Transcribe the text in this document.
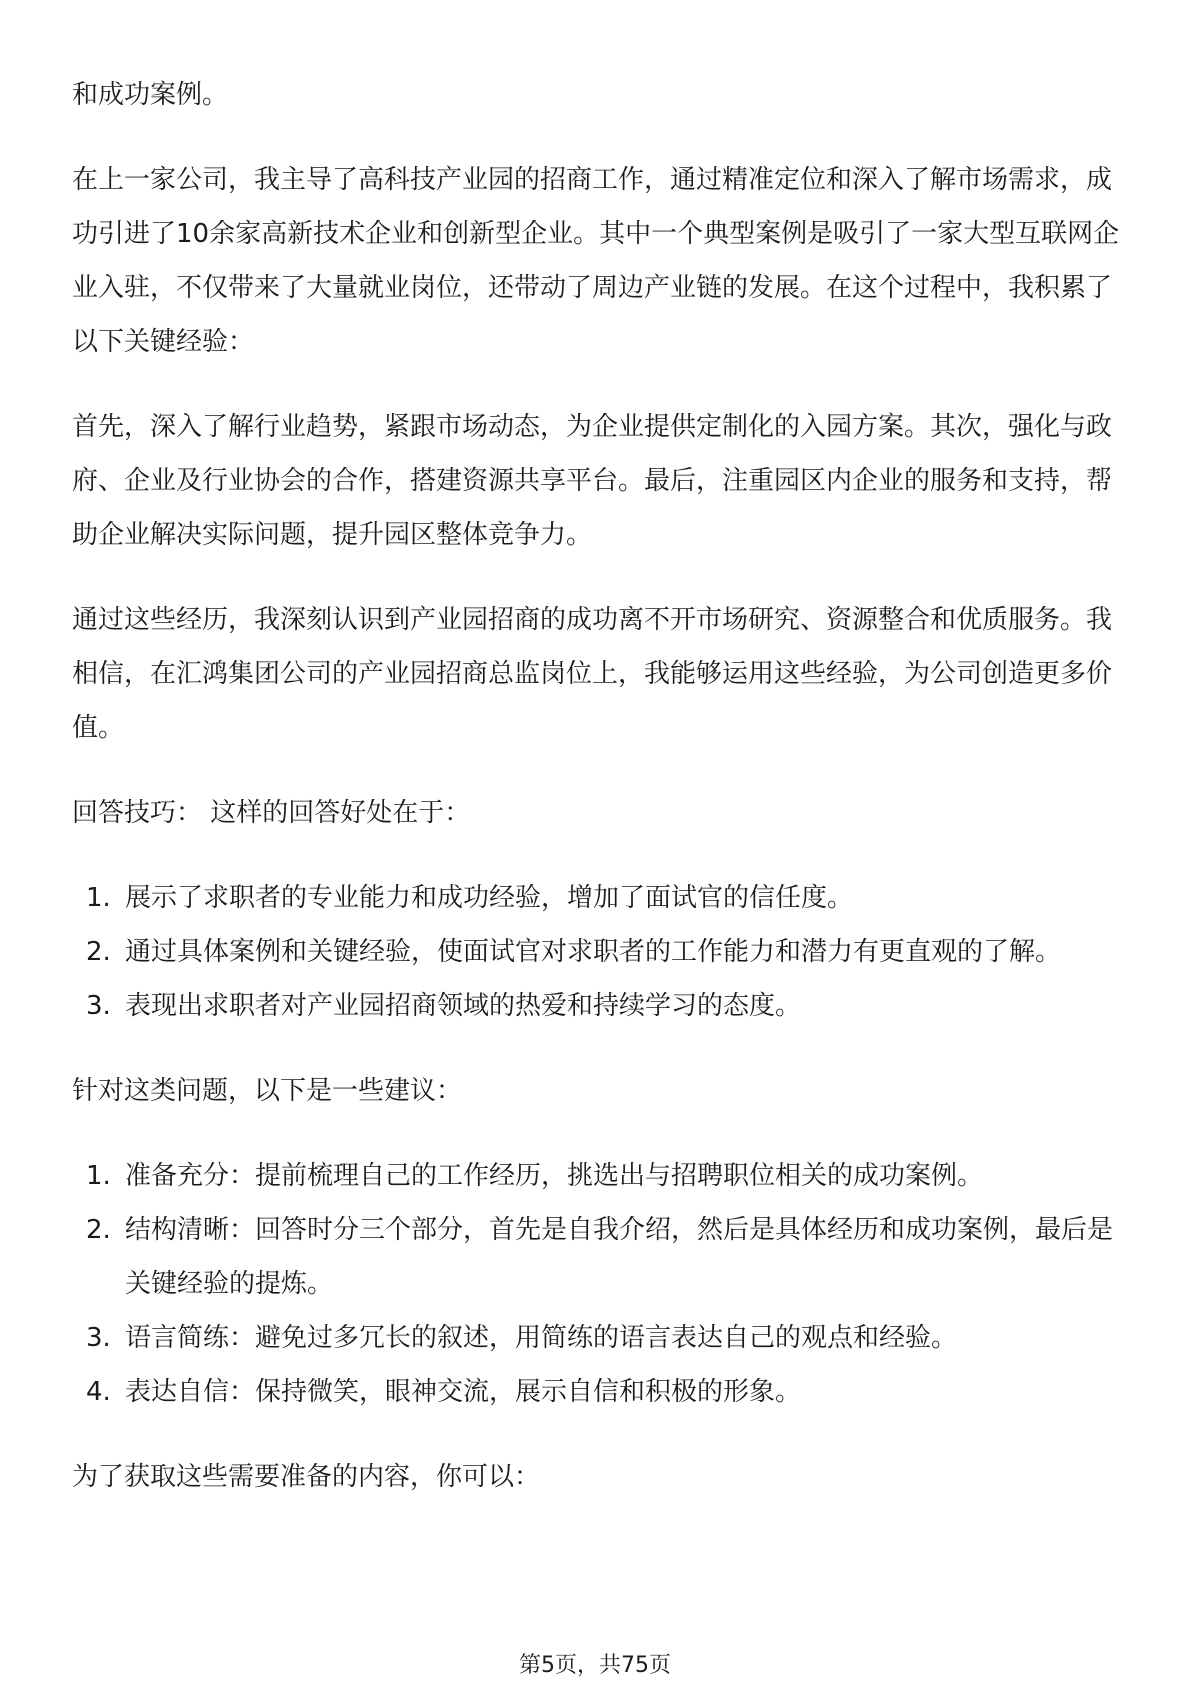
和成功案例。

在上一家公司，我主导了高科技产业园的招商工作，通过精准定位和深入了解市场需求，成功引进了10余家高新技术企业和创新型企业。其中一个典型案例是吸引了一家大型互联网企业入驻，不仅带来了大量就业岗位，还带动了周边产业链的发展。在这个过程中，我积累了以下关键经验：

首先，深入了解行业趋势，紧跟市场动态，为企业提供定制化的入园方案。其次，强化与政府、企业及行业协会的合作，搭建资源共享平台。最后，注重园区内企业的服务和支持，帮助企业解决实际问题，提升园区整体竞争力。

通过这些经历，我深刻认识到产业园招商的成功离不开市场研究、资源整合和优质服务。我相信，在汇鸿集团公司的产业园招商总监岗位上，我能够运用这些经验，为公司创造更多价值。

回答技巧： 这样的回答好处在于：

1. 展示了求职者的专业能力和成功经验，增加了面试官的信任度。
2. 通过具体案例和关键经验，使面试官对求职者的工作能力和潜力有更直观的了解。
3. 表现出求职者对产业园招商领域的热爱和持续学习的态度。

针对这类问题，以下是一些建议：

1. 准备充分：提前梳理自己的工作经历，挑选出与招聘职位相关的成功案例。
2. 结构清晰：回答时分三个部分，首先是自我介绍，然后是具体经历和成功案例，最后是关键经验的提炼。
3. 语言简练：避免过多冗长的叙述，用简练的语言表达自己的观点和经验。
4. 表达自信：保持微笑，眼神交流，展示自信和积极的形象。

为了获取这些需要准备的内容，你可以：

第5页，共75页
